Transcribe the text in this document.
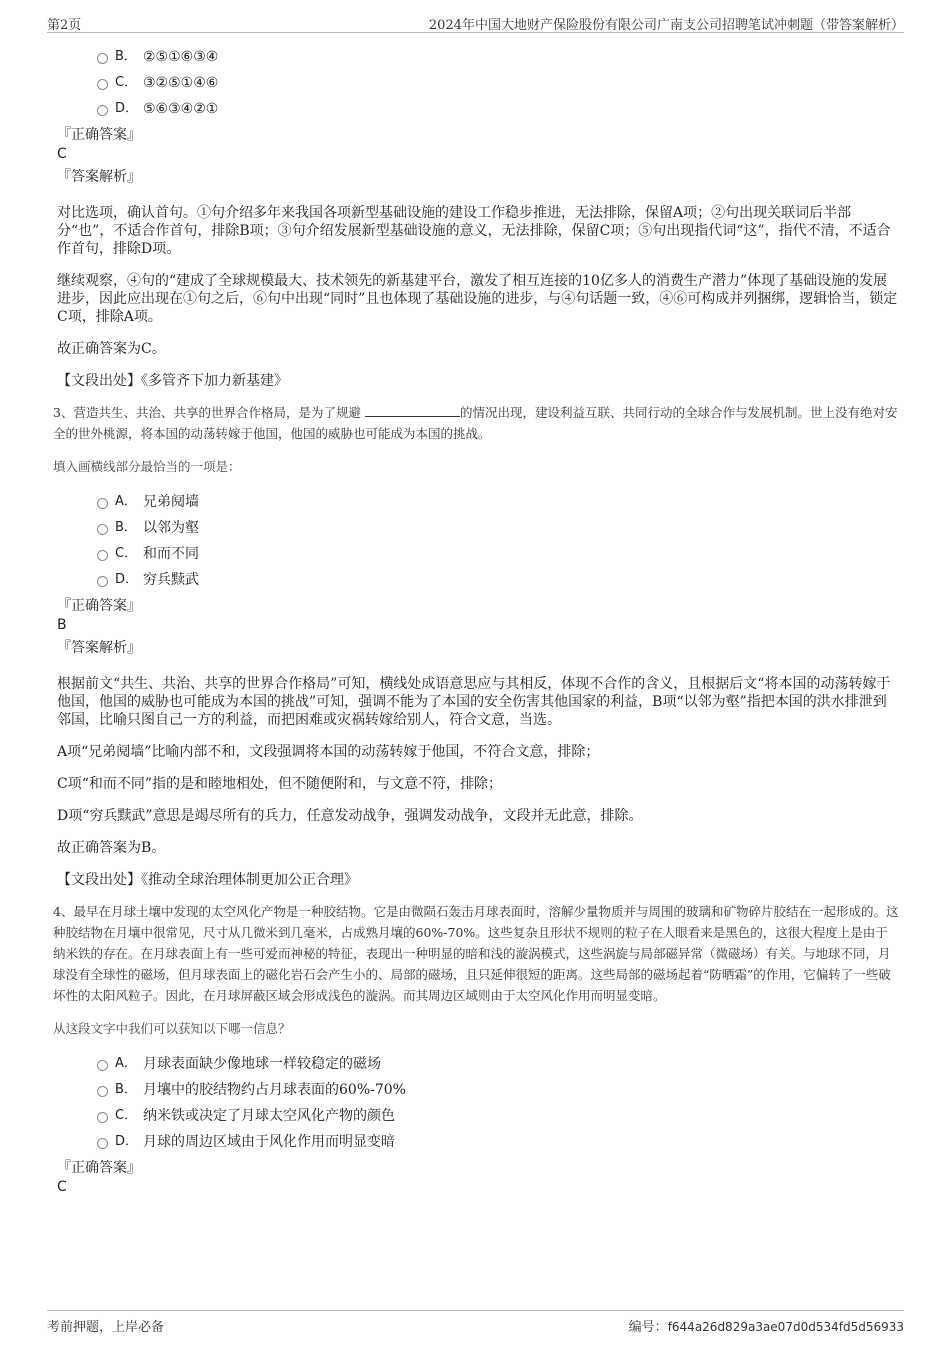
第2页	2024年中国大地财产保险股份有限公司广南支公司招聘笔试冲刺题（带答案解析）
B． ②⑤①⑥③④
C． ③②⑤①④⑥
D． ⑤⑥③④②①
『正确答案』
C
『答案解析』
对比选项，确认首句。①句介绍多年来我国各项新型基础设施的建设工作稳步推进，无法排除，保留A项；②句出现关联词后半部分“也”，不适合作首句，排除B项；③句介绍发展新型基础设施的意义，无法排除，保留C项；⑤句出现指代词“这”，指代不清，不适合作首句，排除D项。
继续观察，④句的“建成了全球规模最大、技术领先的新基建平台，激发了相互连接的10亿多人的消费生产潜力”体现了基础设施的发展进步，因此应出现在①句之后，⑥句中出现“同时”且也体现了基础设施的进步，与④句话题一致，④⑥可构成并列捆绑，逻辑恰当，锁定C项，排除A项。
故正确答案为C。
【文段出处】《多管齐下加力新基建》
3、营造共生、共治、共享的世界合作格局，是为了规避	的情况出现，建设利益互联、共同行动的全球合作与发展机制。世上没有绝对安全的世外桃源，将本国的动荡转嫁于他国，他国的威胁也可能成为本国的挑战。
填入画横线部分最恰当的一项是：
A． 兄弟阋墙
B． 以邻为壑
C． 和而不同
D． 穷兵黩武
『正确答案』
B
『答案解析』
根据前文“共生、共治、共享的世界合作格局”可知，横线处成语意思应与其相反，体现不合作的含义，且根据后文“将本国的动荡转嫁于他国，他国的威胁也可能成为本国的挑战”可知，强调不能为了本国的安全伤害其他国家的利益，B项“以邻为壑”指把本国的洪水排泄到邻国，比喻只图自己一方的利益，而把困难或灾祸转嫁给别人，符合文意，当选。
A项“兄弟阋墙”比喻内部不和，文段强调将本国的动荡转嫁于他国，不符合文意，排除；
C项“和而不同”指的是和睦地相处，但不随便附和，与文意不符，排除；
D项“穷兵黩武”意思是竭尽所有的兵力，任意发动战争，强调发动战争，文段并无此意，排除。
故正确答案为B。
【文段出处】《推动全球治理体制更加公正合理》
4、最早在月球土壤中发现的太空风化产物是一种胶结物。它是由微陨石轰击月球表面时，溶解少量物质并与周围的玻璃和矿物碎片胶结在一起形成的。这种胶结物在月壤中很常见，尺寸从几微米到几毫米，占成熟月壤的60%-70%。这些复杂且形状不规则的粒子在人眼看来是黑色的，这很大程度上是由于纳米铁的存在。在月球表面上有一些可爱而神秘的特征，表现出一种明显的暗和浅的漩涡模式，这些涡旋与局部磁异常（微磁场）有关。与地球不同，月球没有全球性的磁场，但月球表面上的磁化岩石会产生小的、局部的磁场，且只延伸很短的距离。这些局部的磁场起着“防晒霜”的作用，它偏转了一些破坏性的太阳风粒子。因此，在月球屏蔽区域会形成浅色的漩涡。而其周边区域则由于太空风化作用而明显变暗。
从这段文字中我们可以获知以下哪一信息？
A． 月球表面缺少像地球一样较稳定的磁场
B． 月壤中的胶结物约占月球表面的60%-70%
C． 纳米铁或决定了月球太空风化产物的颜色
D． 月球的周边区域由于风化作用而明显变暗
『正确答案』
C
考前押题，上岸必备	编号：f644a26d829a3ae07d0d534fd5d56933
